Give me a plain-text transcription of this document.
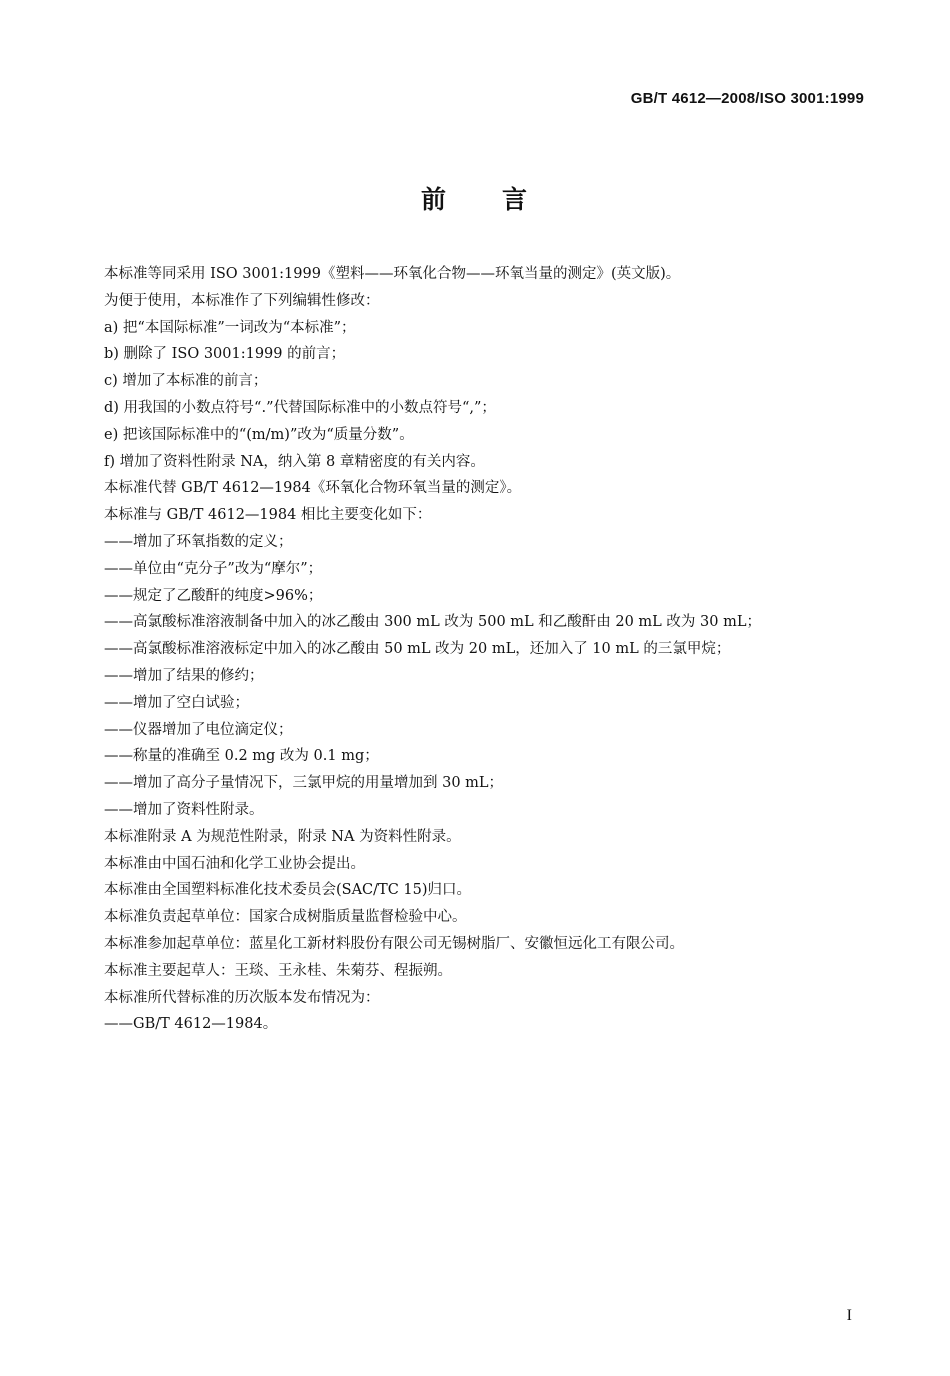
GB/T 4612—2008/ISO 3001:1999
前　　言
本标准等同采用 ISO 3001:1999《塑料——环氧化合物——环氧当量的测定》(英文版)。
为便于使用，本标准作了下列编辑性修改：
a) 把“本国际标准”一词改为“本标准”；
b) 删除了 ISO 3001:1999 的前言；
c) 增加了本标准的前言；
d) 用我国的小数点符号“.”代替国际标准中的小数点符号“,”；
e) 把该国际标准中的“(m/m)”改为“质量分数”。
f) 增加了资料性附录 NA，纳入第 8 章精密度的有关内容。
本标准代替 GB/T 4612—1984《环氧化合物环氧当量的测定》。
本标准与 GB/T 4612—1984 相比主要变化如下：
——增加了环氧指数的定义；
——单位由“克分子”改为“摩尔”；
——规定了乙酸酐的纯度>96%；
——高氯酸标准溶液制备中加入的冰乙酸由 300 mL 改为 500 mL 和乙酸酐由 20 mL 改为 30 mL；
——高氯酸标准溶液标定中加入的冰乙酸由 50 mL 改为 20 mL，还加入了 10 mL 的三氯甲烷；
——增加了结果的修约；
——增加了空白试验；
——仪器增加了电位滴定仪；
——称量的准确至 0.2 mg 改为 0.1 mg；
——增加了高分子量情况下，三氯甲烷的用量增加到 30 mL；
——增加了资料性附录。
本标准附录 A 为规范性附录，附录 NA 为资料性附录。
本标准由中国石油和化学工业协会提出。
本标准由全国塑料标准化技术委员会(SAC/TC 15)归口。
本标准负责起草单位：国家合成树脂质量监督检验中心。
本标准参加起草单位：蓝星化工新材料股份有限公司无锡树脂厂、安徽恒远化工有限公司。
本标准主要起草人：王琰、王永桂、朱菊芬、程振朔。
本标准所代替标准的历次版本发布情况为：
——GB/T 4612—1984。
I
